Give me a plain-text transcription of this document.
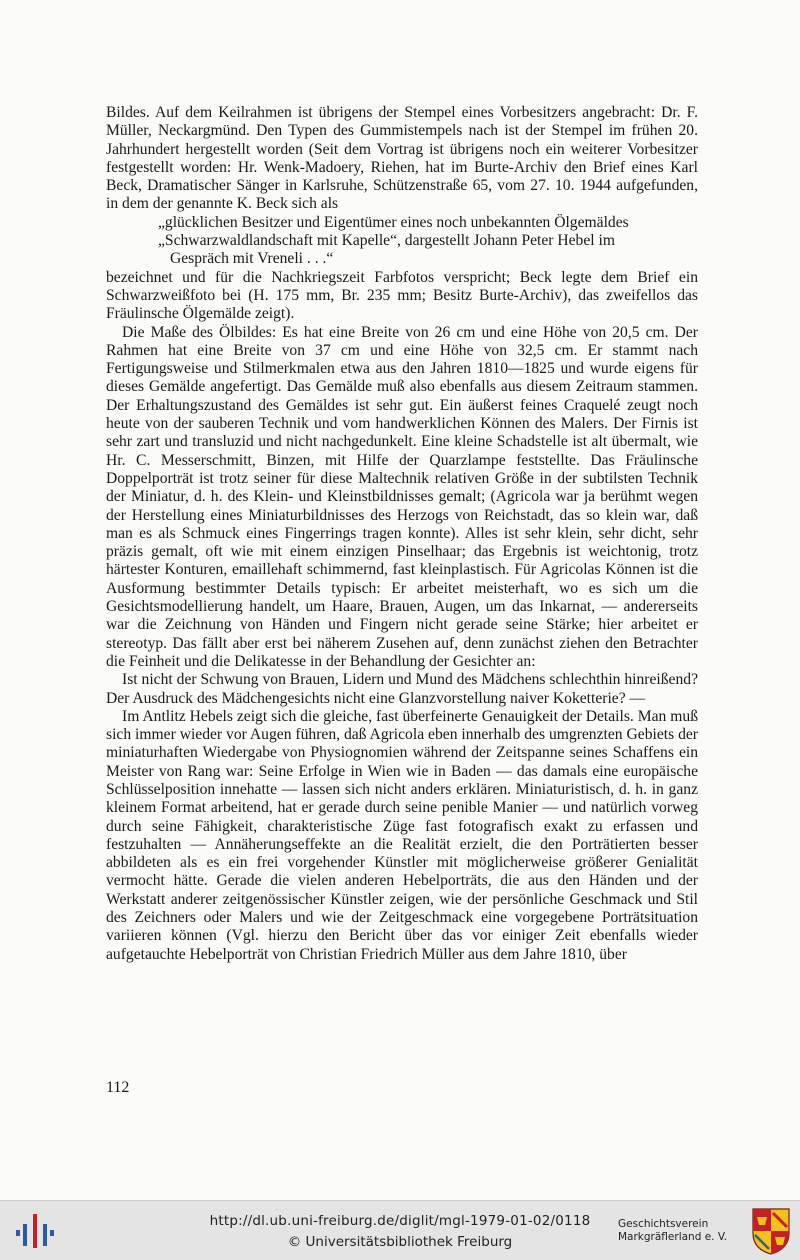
Bildes. Auf dem Keilrahmen ist übrigens der Stempel eines Vorbesitzers angebracht: Dr. F. Müller, Neckargmünd. Den Typen des Gummistempels nach ist der Stempel im frühen 20. Jahrhundert hergestellt worden (Seit dem Vortrag ist übrigens noch ein weiterer Vorbesitzer festgestellt worden: Hr. Wenk-Madoery, Riehen, hat im Burte-Archiv den Brief eines Karl Beck, Dramatischer Sänger in Karlsruhe, Schützenstraße 65, vom 27. 10. 1944 aufgefunden, in dem der genannte K. Beck sich als

„glücklichen Besitzer und Eigentümer eines noch unbekannten Ölgemäldes
„Schwarzwaldlandschaft mit Kapelle“, dargestellt Johann Peter Hebel im
Gespräch mit Vreneli . . .“

bezeichnet und für die Nachkriegszeit Farbfotos verspricht; Beck legte dem Brief ein Schwarzweißfoto bei (H. 175 mm, Br. 235 mm; Besitz Burte-Archiv), das zweifellos das Fräulinsche Ölgemälde zeigt).

Die Maße des Ölbildes: Es hat eine Breite von 26 cm und eine Höhe von 20,5 cm. Der Rahmen hat eine Breite von 37 cm und eine Höhe von 32,5 cm. Er stammt nach Fertigungsweise und Stilmerkmalen etwa aus den Jahren 1810—1825 und wurde eigens für dieses Gemälde angefertigt. Das Gemälde muß also ebenfalls aus diesem Zeitraum stammen. Der Erhaltungszustand des Gemäldes ist sehr gut. Ein äußerst feines Craquelé zeugt noch heute von der sauberen Technik und vom handwerklichen Können des Malers. Der Firnis ist sehr zart und transluzid und nicht nachgedunkelt. Eine kleine Schadstelle ist alt übermalt, wie Hr. C. Messerschmitt, Binzen, mit Hilfe der Quarzlampe feststellte. Das Fräulinsche Doppelporträt ist trotz seiner für diese Maltechnik relativen Größe in der subtilsten Technik der Miniatur, d. h. des Klein- und Kleinstbildnisses gemalt; (Agricola war ja berühmt wegen der Herstellung eines Miniaturbildnisses des Herzogs von Reichstadt, das so klein war, daß man es als Schmuck eines Fingerrings tragen konnte). Alles ist sehr klein, sehr dicht, sehr präzis gemalt, oft wie mit einem einzigen Pinselhaar; das Ergebnis ist weichtonig, trotz härtester Konturen, emaillehaft schimmernd, fast kleinplastisch. Für Agricolas Können ist die Ausformung bestimmter Details typisch: Er arbeitet meisterhaft, wo es sich um die Gesichtsmodellierung handelt, um Haare, Brauen, Augen, um das Inkarnat, — andererseits war die Zeichnung von Händen und Fingern nicht gerade seine Stärke; hier arbeitet er stereotyp. Das fällt aber erst bei näherem Zusehen auf, denn zunächst ziehen den Betrachter die Feinheit und die Delikatesse in der Behandlung der Gesichter an:

Ist nicht der Schwung von Brauen, Lidern und Mund des Mädchens schlechthin hinreißend? Der Ausdruck des Mädchengesichts nicht eine Glanzvorstellung naiver Koketterie? —

Im Antlitz Hebels zeigt sich die gleiche, fast überfeinerte Genauigkeit der Details. Man muß sich immer wieder vor Augen führen, daß Agricola eben innerhalb des umgrenzten Gebiets der miniaturhaften Wiedergabe von Physiognomien während der Zeitspanne seines Schaffens ein Meister von Rang war: Seine Erfolge in Wien wie in Baden — das damals eine europäische Schlüsselposition innehatte — lassen sich nicht anders erklären. Miniaturistisch, d. h. in ganz kleinem Format arbeitend, hat er gerade durch seine penible Manier — und natürlich vorweg durch seine Fähigkeit, charakteristische Züge fast fotografisch exakt zu erfassen und festzuhalten — Annäherungseffekte an die Realität erzielt, die den Porträtierten besser abbildeten als es ein frei vorgehender Künstler mit möglicherweise größerer Genialität vermocht hätte. Gerade die vielen anderen Hebelporträts, die aus den Händen und der Werkstatt anderer zeitgenössischer Künstler zeigen, wie der persönliche Geschmack und Stil des Zeichners oder Malers und wie der Zeitgeschmack eine vorgegebene Porträtsituation variieren können (Vgl. hierzu den Bericht über das vor einiger Zeit ebenfalls wieder aufgetauchte Hebelporträt von Christian Friedrich Müller aus dem Jahre 1810, über

112
http://dl.ub.uni-freiburg.de/diglit/mgl-1979-01-02/0118
© Universitätsbibliothek Freiburg
Geschichtsverein
Markgräflerland e. V.
